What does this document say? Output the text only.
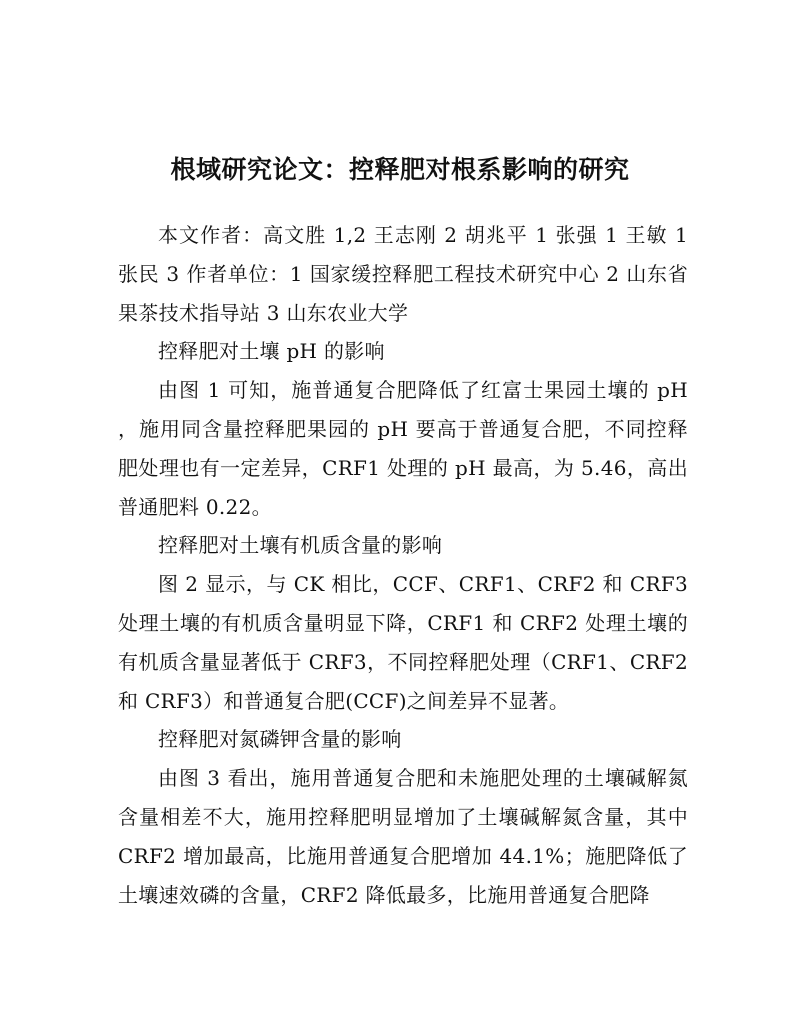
根域研究论文：控释肥对根系影响的研究

本文作者：高文胜 1,2 王志刚 2 胡兆平 1 张强 1 王敏 1 张民 3 作者单位：1 国家缓控释肥工程技术研究中心 2 山东省果茶技术指导站 3 山东农业大学

控释肥对土壤 pH 的影响

由图 1 可知，施普通复合肥降低了红富士果园土壤的 pH ，施用同含量控释肥果园的 pH 要高于普通复合肥，不同控释肥处理也有一定差异，CRF1 处理的 pH 最高，为 5.46，高出普通肥料 0.22。

控释肥对土壤有机质含量的影响

图 2 显示，与 CK 相比，CCF、CRF1、CRF2 和 CRF3 处理土壤的有机质含量明显下降，CRF1 和 CRF2 处理土壤的有机质含量显著低于 CRF3，不同控释肥处理（CRF1、CRF2 和 CRF3）和普通复合肥(CCF)之间差异不显著。

控释肥对氮磷钾含量的影响

由图 3 看出，施用普通复合肥和未施肥处理的土壤碱解氮含量相差不大，施用控释肥明显增加了土壤碱解氮含量，其中 CRF2 增加最高，比施用普通复合肥增加 44.1%；施肥降低了土壤速效磷的含量，CRF2 降低最多，比施用普通复合肥降
